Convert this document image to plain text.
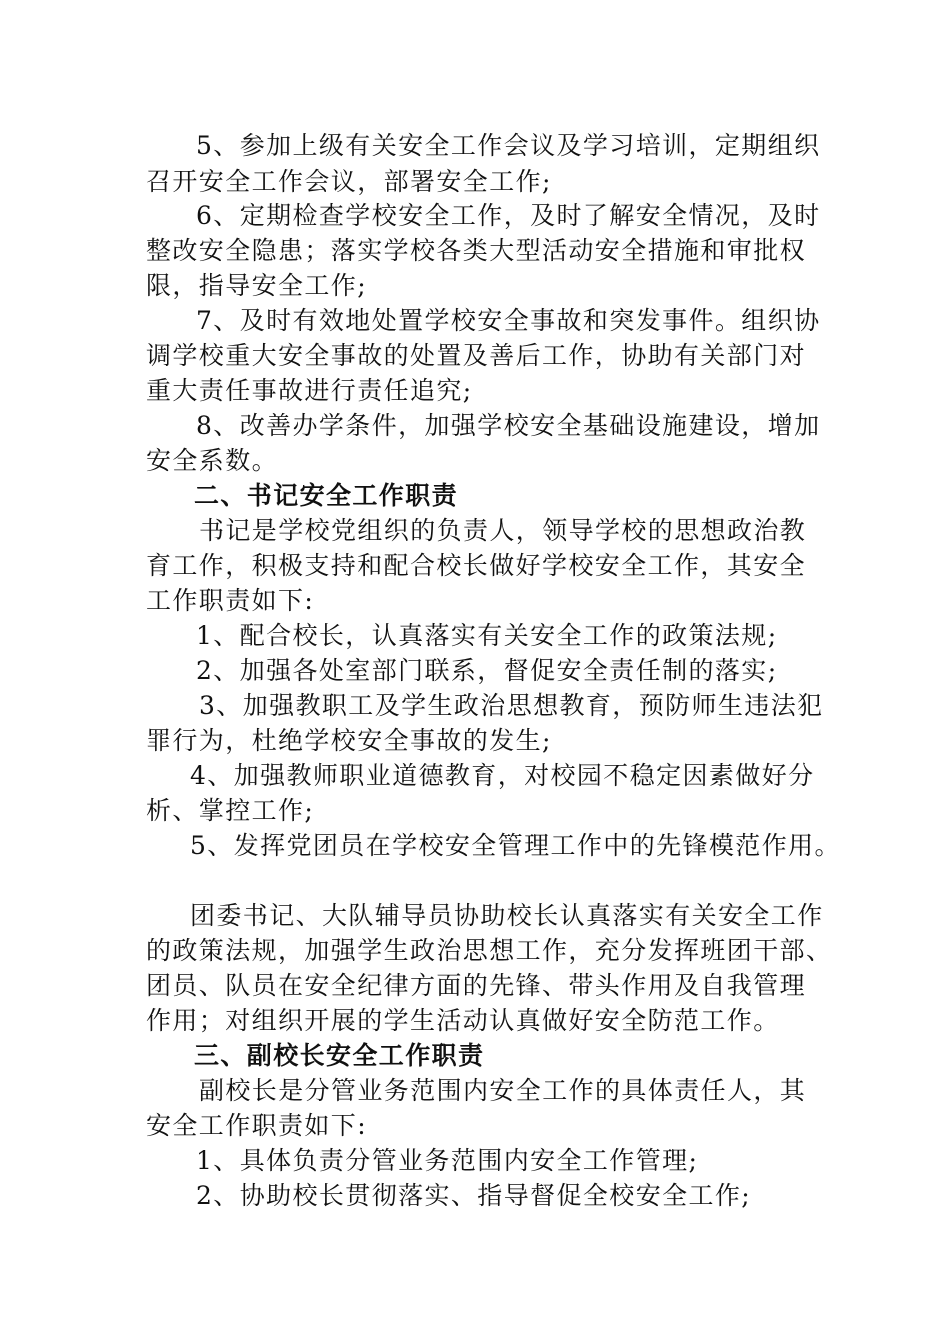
5、参加上级有关安全工作会议及学习培训，定期组织
召开安全工作会议，部署安全工作;
6、定期检查学校安全工作，及时了解安全情况，及时
整改安全隐患；落实学校各类大型活动安全措施和审批权
限，指导安全工作;
7、及时有效地处置学校安全事故和突发事件。组织协
调学校重大安全事故的处置及善后工作，协助有关部门对
重大责任事故进行责任追究;
8、改善办学条件，加强学校安全基础设施建设，增加
安全系数。
二、书记安全工作职责
书记是学校党组织的负责人，领导学校的思想政治教
育工作，积极支持和配合校长做好学校安全工作，其安全
工作职责如下:
1、配合校长，认真落实有关安全工作的政策法规;
2、加强各处室部门联系，督促安全责任制的落实;
3、加强教职工及学生政治思想教育，预防师生违法犯
罪行为，杜绝学校安全事故的发生;
4、加强教师职业道德教育，对校园不稳定因素做好分
析、掌控工作;
5、发挥党团员在学校安全管理工作中的先锋模范作用。
团委书记、大队辅导员协助校长认真落实有关安全工作
的政策法规，加强学生政治思想工作，充分发挥班团干部、
团员、队员在安全纪律方面的先锋、带头作用及自我管理
作用；对组织开展的学生活动认真做好安全防范工作。
三、副校长安全工作职责
副校长是分管业务范围内安全工作的具体责任人，其
安全工作职责如下:
1、具体负责分管业务范围内安全工作管理;
2、协助校长贯彻落实、指导督促全校安全工作;
